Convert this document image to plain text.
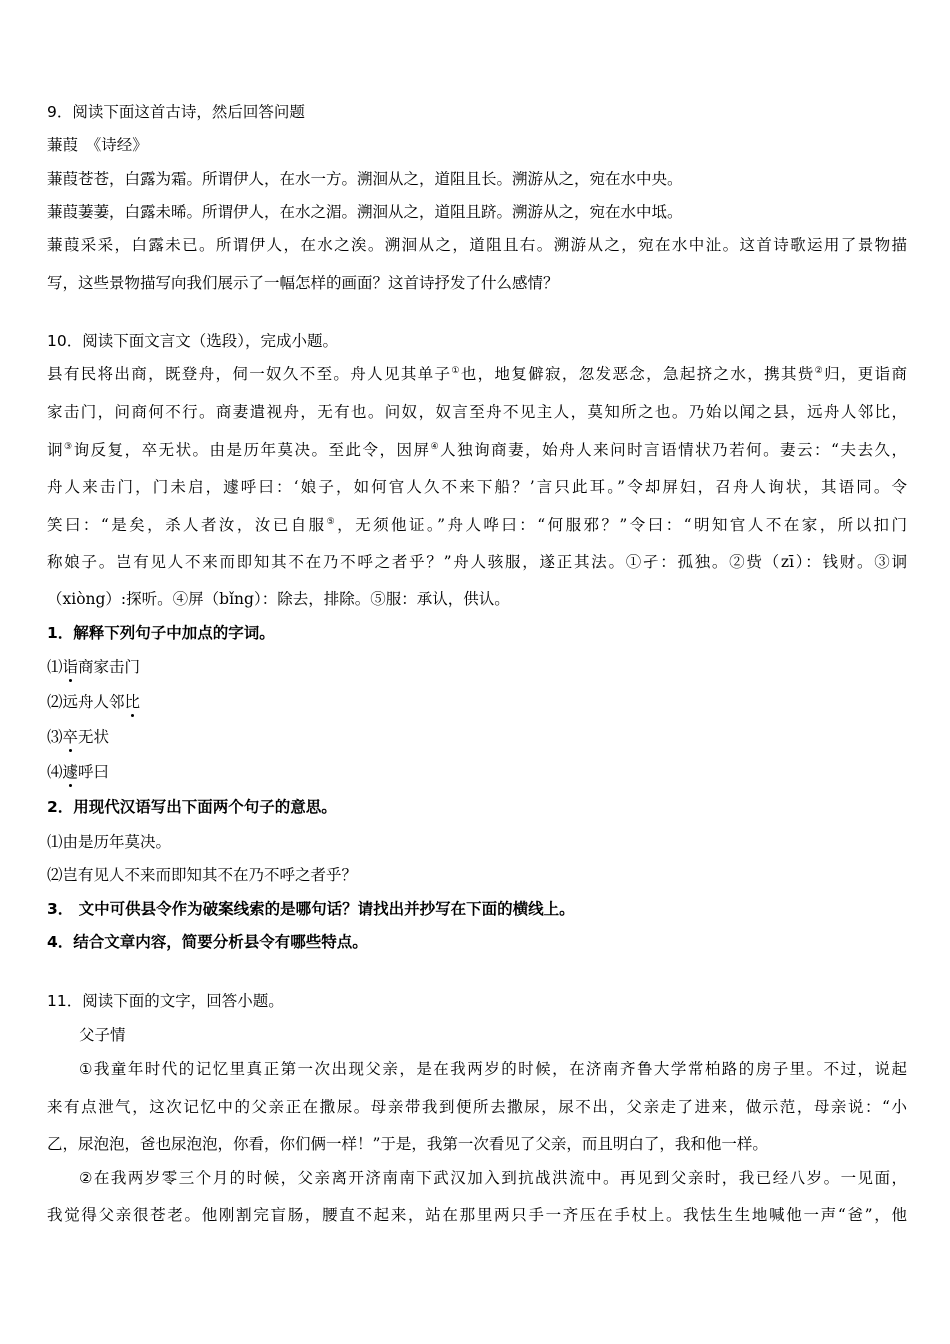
9．阅读下面这首古诗，然后回答问题
蒹葭　《诗经》
蒹葭苍苍，白露为霜。所谓伊人，在水一方。溯洄从之，道阻且长。溯游从之，宛在水中央。
蒹葭萋萋，白露未晞。所谓伊人，在水之湄。溯洄从之，道阻且跻。溯游从之，宛在水中坻。
蒹葭采采，白露未已。所谓伊人，在水之涘。溯洄从之，道阻且右。溯游从之，宛在水中沚。这首诗歌运用了景物描
写，这些景物描写向我们展示了一幅怎样的画面？这首诗抒发了什么感情？
10．阅读下面文言文（选段），完成小题。
县有民将出商，既登舟，伺一奴久不至。舟人见其单子①也，地复僻寂，忽发恶念，急起挤之水，携其赀②归，更诣商
家击门，问商何不行。商妻遣视舟，无有也。问奴，奴言至舟不见主人，莫知所之也。乃始以闻之县，远舟人邻比，
诇③询反复，卒无状。由是历年莫决。至此令，因屏④人独询商妻，始舟人来问时言语情状乃若何。妻云：“夫去久，
舟人来击门，门未启，遽呼曰：‘娘子，如何官人久不来下船？’言只此耳。”令却屏妇，召舟人询状，其语同。令
笑曰：“是矣，杀人者汝，汝已自服⑤，无须他证。”舟人哗曰：“何服邪？”令曰：“明知官人不在家，所以扣门
称娘子。岂有见人不来而即知其不在乃不呼之者乎？”舟人骇服，遂正其法。①孑：孤独。②赀（zī）：钱财。③诇
（xiòng）:探听。④屏（bǐng）：除去，排除。⑤服：承认，供认。
1．解释下列句子中加点的字词。
⑴诣商家击门
⑵远舟人邻比
⑶卒无状
⑷遽呼曰
2．用现代汉语写出下面两个句子的意思。
⑴由是历年莫决。
⑵岂有见人不来而即知其不在乃不呼之者乎？
3． 文中可供县令作为破案线索的是哪句话？请找出并抄写在下面的横线上。
4．结合文章内容，简要分析县令有哪些特点。
11．阅读下面的文字，回答小题。
父子情
①我童年时代的记忆里真正第一次出现父亲，是在我两岁的时候，在济南齐鲁大学常柏路的房子里。不过，说起
来有点泄气，这次记忆中的父亲正在撒尿。母亲带我到便所去撒尿，尿不出，父亲走了进来，做示范，母亲说：“小
乙，尿泡泡，爸也尿泡泡，你看，你们俩一样！”于是，我第一次看见了父亲，而且明白了，我和他一样。
②在我两岁零三个月的时候，父亲离开济南南下武汉加入到抗战洪流中。再见到父亲时，我已经八岁。一见面，
我觉得父亲很苍老。他刚割完盲肠，腰直不起来，站在那里两只手一齐压在手杖上。我怯生生地喊他一声“爸”，他
